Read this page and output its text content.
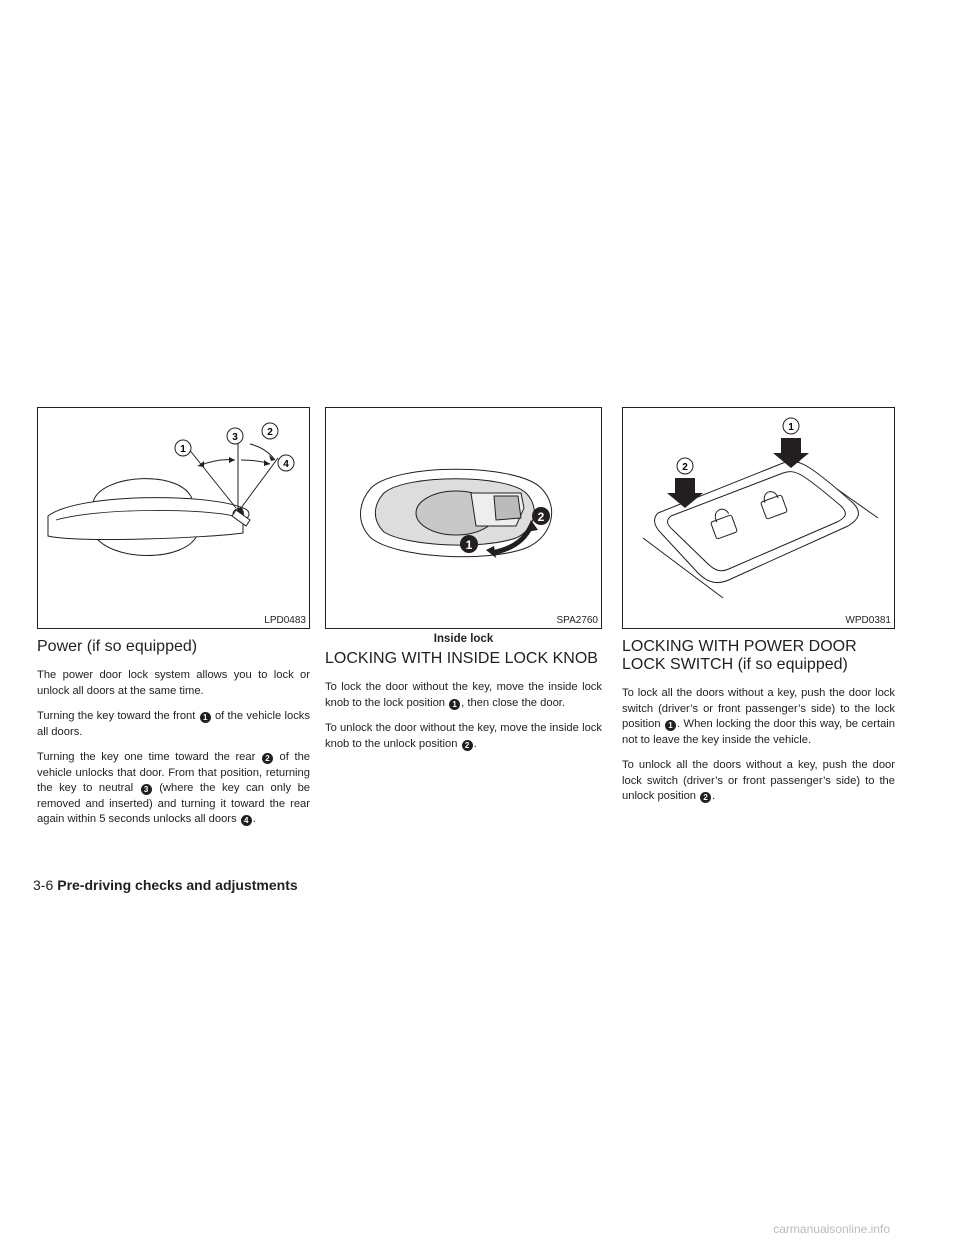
1
3	2
4
LPD0483
1
2
SPA2760
Inside lock
2
1
WPD0381
Power (if so equipped)

The power door lock system allows you to lock or unlock all doors at the same time.

Turning the key toward the front 1 of the vehicle locks all doors.

Turning the key one time toward the rear 2 of the vehicle unlocks that door. From that position, returning the key to neutral 3 (where the key can only be removed and inserted) and turning it toward the rear again within 5 seconds unlocks all doors 4 .

LOCKING WITH INSIDE LOCK KNOB

To lock the door without the key, move the inside lock knob to the lock position 1 , then close the door.

To unlock the door without the key, move the inside lock knob to the unlock position 2 .

LOCKING WITH POWER DOOR LOCK SWITCH (if so equipped)

To lock all the doors without a key, push the door lock switch (driver’s or front passenger’s side) to the lock position 1 . When locking the door this way, be certain not to leave the key inside the vehicle.

To unlock all the doors without a key, push the door lock switch (driver’s or front passenger’s side) to the unlock position 2 .

3-6 Pre-driving checks and adjustments
carmanualsonline.info
